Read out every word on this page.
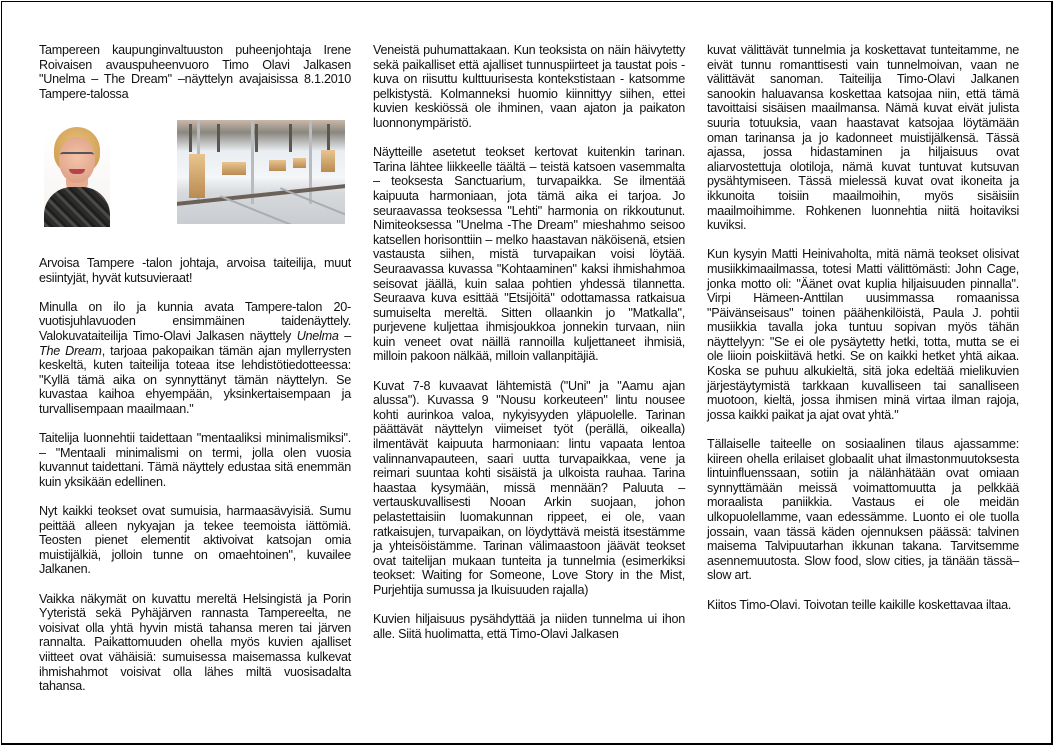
Tampereen kaupunginvaltuuston puheenjohtaja Irene Roivaisen avauspuheenvuoro Timo Olavi Jalkasen "Unelma – The Dream" –näyttelyn avajaisissa 8.1.2010 Tampere-talossa

Arvoisa Tampere -talon johtaja, arvoisa taiteilija, muut esiintyjät, hyvät kutsuvieraat!

Minulla on ilo ja kunnia avata Tampere-talon 20-vuotisjuhlavuoden ensimmäinen taidenäyttely. Valokuvataiteilija Timo-Olavi Jalkasen näyttely Unelma – The Dream, tarjoaa pakopaikan tämän ajan myllerrysten keskeltä, kuten taiteilija toteaa itse lehdistötiedotteessa: "Kyllä tämä aika on synnyttänyt tämän näyttelyn. Se kuvastaa kaihoa ehyempään, yksinkertaisempaan ja turvallisempaan maailmaan."

Taitelija luonnehtii taidettaan "mentaaliksi minimalismiksi". – "Mentaali minimalismi on termi, jolla olen vuosia kuvannut taidettani. Tämä näyttely edustaa sitä enemmän kuin yksikään edellinen.

Nyt kaikki teokset ovat sumuisia, harmaasävyisiä. Sumu peittää alleen nykyajan ja tekee teemoista iättömiä. Teosten pienet elementit aktivoivat katsojan omia muistijälkiä, jolloin tunne on omaehtoinen", kuvailee Jalkanen.

Vaikka näkymät on kuvattu mereltä Helsingistä ja Porin Yyteristä sekä Pyhäjärven rannasta Tampereelta, ne voisivat olla yhtä hyvin mistä tahansa meren tai järven rannalta. Paikattomuuden ohella myös kuvien ajalliset viitteet ovat vähäisiä: sumuisessa maisemassa kulkevat ihmishahmot voisivat olla lähes miltä vuosisadalta tahansa.

Veneistä puhumattakaan. Kun teoksista on näin häivytetty sekä paikalliset että ajalliset tunnuspiirteet ja taustat pois - kuva on riisuttu kulttuurisesta kontekstistaan - katsomme pelkistystä. Kolmanneksi huomio kiinnittyy siihen, ettei kuvien keskiössä ole ihminen, vaan ajaton ja paikaton luonnonympäristö.

Näytteille asetetut teokset kertovat kuitenkin tarinan. Tarina lähtee liikkeelle täältä – teistä katsoen vasemmalta – teoksesta Sanctuarium, turvapaikka. Se ilmentää kaipuuta harmoniaan, jota tämä aika ei tarjoa. Jo seuraavassa teoksessa "Lehti" harmonia on rikkoutunut. Nimiteoksessa "Unelma -The Dream" mieshahmo seisoo katsellen horisonttiin – melko haastavan näköisenä, etsien vastausta siihen, mistä turvapaikan voisi löytää. Seuraavassa kuvassa "Kohtaaminen" kaksi ihmishahmoa seisovat jäällä, kuin salaa pohtien yhdessä tilannetta. Seuraava kuva esittää "Etsijöitä" odottamassa ratkaisua sumuiselta mereltä. Sitten ollaankin jo "Matkalla", purjevene kuljettaa ihmisjoukkoa jonnekin turvaan, niin kuin veneet ovat näillä rannoilla kuljettaneet ihmisiä, milloin pakoon nälkää, milloin vallanpitäjiä.

Kuvat 7-8 kuvaavat lähtemistä ("Uni" ja "Aamu ajan alussa"). Kuvassa 9 "Nousu korkeuteen" lintu nousee kohti aurinkoa valoa, nykyisyyden yläpuolelle. Tarinan päättävät näyttelyn viimeiset työt (perällä, oikealla) ilmentävät kaipuuta harmoniaan: lintu vapaata lentoa valinnanvapauteen, saari uutta turvapaikkaa, vene ja reimari suuntaa kohti sisäistä ja ulkoista rauhaa. Tarina haastaa kysymään, missä mennään? Paluuta – vertauskuvallisesti Nooan Arkin suojaan, johon pelastettaisiin luomakunnan rippeet, ei ole, vaan ratkaisujen, turvapaikan, on löydyttävä meistä itsestämme ja yhteisöistämme. Tarinan välimaastoon jäävät teokset ovat taitelijan mukaan tunteita ja tunnelmia (esimerkiksi teokset: Waiting for Someone, Love Story in the Mist, Purjehtija sumussa ja Ikuisuuden rajalla)

Kuvien hiljaisuus pysähdyttää ja niiden tunnelma ui ihon alle. Siitä huolimatta, että Timo-Olavi Jalkasen

kuvat välittävät tunnelmia ja koskettavat tunteitamme, ne eivät tunnu romanttisesti vain tunnelmoivan, vaan ne välittävät sanoman. Taiteilija Timo-Olavi Jalkanen sanookin haluavansa koskettaa katsojaa niin, että tämä tavoittaisi sisäisen maailmansa. Nämä kuvat eivät julista suuria totuuksia, vaan haastavat katsojaa löytämään oman tarinansa ja jo kadonneet muistijälkensä. Tässä ajassa, jossa hidastaminen ja hiljaisuus ovat aliarvostettuja olotiloja, nämä kuvat tuntuvat kutsuvan pysähtymiseen. Tässä mielessä kuvat ovat ikoneita ja ikkunoita toisiin maailmoihin, myös sisäisiin maailmoihimme. Rohkenen luonnehtia niitä hoitaviksi kuviksi.

Kun kysyin Matti Heinivaholta, mitä nämä teokset olisivat musiikkimaailmassa, totesi Matti välittömästi: John Cage, jonka motto oli: "Äänet ovat kuplia hiljaisuuden pinnalla". Virpi Hämeen-Anttilan uusimmassa romaanissa "Päivänseisaus" toinen päähenkilöistä, Paula J. pohtii musiikkia tavalla joka tuntuu sopivan myös tähän näyttelyyn: "Se ei ole pysäytetty hetki, totta, mutta se ei ole liioin poiskiitävä hetki. Se on kaikki hetket yhtä aikaa. Koska se puhuu alkukieltä, sitä joka edeltää mielikuvien järjestäytymistä tarkkaan kuvalliseen tai sanalliseen muotoon, kieltä, jossa ihmisen minä virtaa ilman rajoja, jossa kaikki paikat ja ajat ovat yhtä."

Tällaiselle taiteelle on sosiaalinen tilaus ajassamme: kiireen ohella erilaiset globaalit uhat ilmastonmuutoksesta lintuinfluenssaan, sotiin ja nälänhätään ovat omiaan synnyttämään meissä voimattomuutta ja pelkkää moraalista paniikkia. Vastaus ei ole meidän ulkopuolellamme, vaan edessämme. Luonto ei ole tuolla jossain, vaan tässä käden ojennuksen päässä: talvinen maisema Talvipuutarhan ikkunan takana. Tarvitsemme asennemuutosta. Slow food, slow cities, ja tänään tässä– slow art.

Kiitos Timo-Olavi. Toivotan teille kaikille koskettavaa iltaa.
